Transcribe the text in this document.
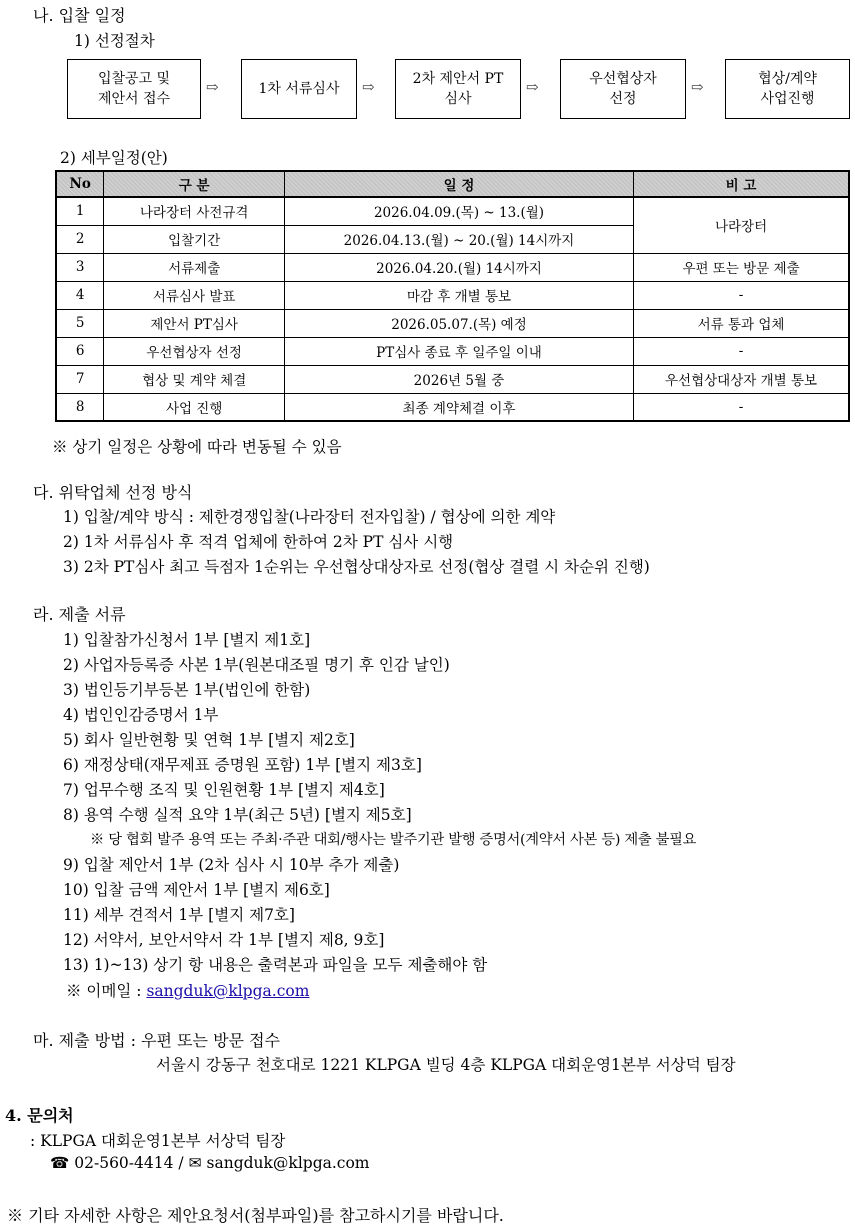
나. 입찰 일정
1) 선정절차
입찰공고 및
제안서 접수
⇨	1차 서류심사	⇨	2차 제안서 PT
심사
⇨	우선협상자
선정
⇨	협상/계약
사업진행
2) 세부일정(안)
No	구 분	일 정	비 고
1	나라장터 사전규격	2026.04.09.(목) ~ 13.(월)	나라장터
2	입찰기간	2026.04.13.(월) ~ 20.(월) 14시까지	
3	서류제출	2026.04.20.(월) 14시까지	우편 또는 방문 제출
4	서류심사 발표	마감 후 개별 통보	-
5	제안서 PT심사	2026.05.07.(목) 예정	서류 통과 업체
6	우선협상자 선정	PT심사 종료 후 일주일 이내	-
7	협상 및 계약 체결	2026년 5월 중	우선협상대상자 개별 통보
8	사업 진행	최종 계약체결 이후	-
※ 상기 일정은 상황에 따라 변동될 수 있음
다. 위탁업체 선정 방식
1) 입찰/계약 방식 : 제한경쟁입찰(나라장터 전자입찰) / 협상에 의한 계약
2) 1차 서류심사 후 적격 업체에 한하여 2차 PT 심사 시행
3) 2차 PT심사 최고 득점자 1순위는 우선협상대상자로 선정(협상 결렬 시 차순위 진행)
라. 제출 서류
1) 입찰참가신청서 1부 [별지 제1호]
2) 사업자등록증 사본 1부(원본대조필 명기 후 인감 날인)
3) 법인등기부등본 1부(법인에 한함)
4) 법인인감증명서 1부
5) 회사 일반현황 및 연혁 1부 [별지 제2호]
6) 재정상태(재무제표 증명원 포함) 1부 [별지 제3호]
7) 업무수행 조직 및 인원현황 1부 [별지 제4호]
8) 용역 수행 실적 요약 1부(최근 5년) [별지 제5호]
※ 당 협회 발주 용역 또는 주최·주관 대회/행사는 발주기관 발행 증명서(계약서 사본 등) 제출 불필요
9) 입찰 제안서 1부 (2차 심사 시 10부 추가 제출)
10) 입찰 금액 제안서 1부 [별지 제6호]
11) 세부 견적서 1부 [별지 제7호]
12) 서약서, 보안서약서 각 1부 [별지 제8, 9호]
13) 1)~13) 상기 항 내용은 출력본과 파일을 모두 제출해야 함
※ 이메일 : sangduk@klpga.com
마. 제출 방법 : 우편 또는 방문 접수
서울시 강동구 천호대로 1221 KLPGA 빌딩 4층 KLPGA 대회운영1본부 서상덕 팀장
4. 문의처
: KLPGA 대회운영1본부 서상덕 팀장
☎ 02-560-4414 / ✉ sangduk@klpga.com
※ 기타 자세한 사항은 제안요청서(첨부파일)를 참고하시기를 바랍니다.
